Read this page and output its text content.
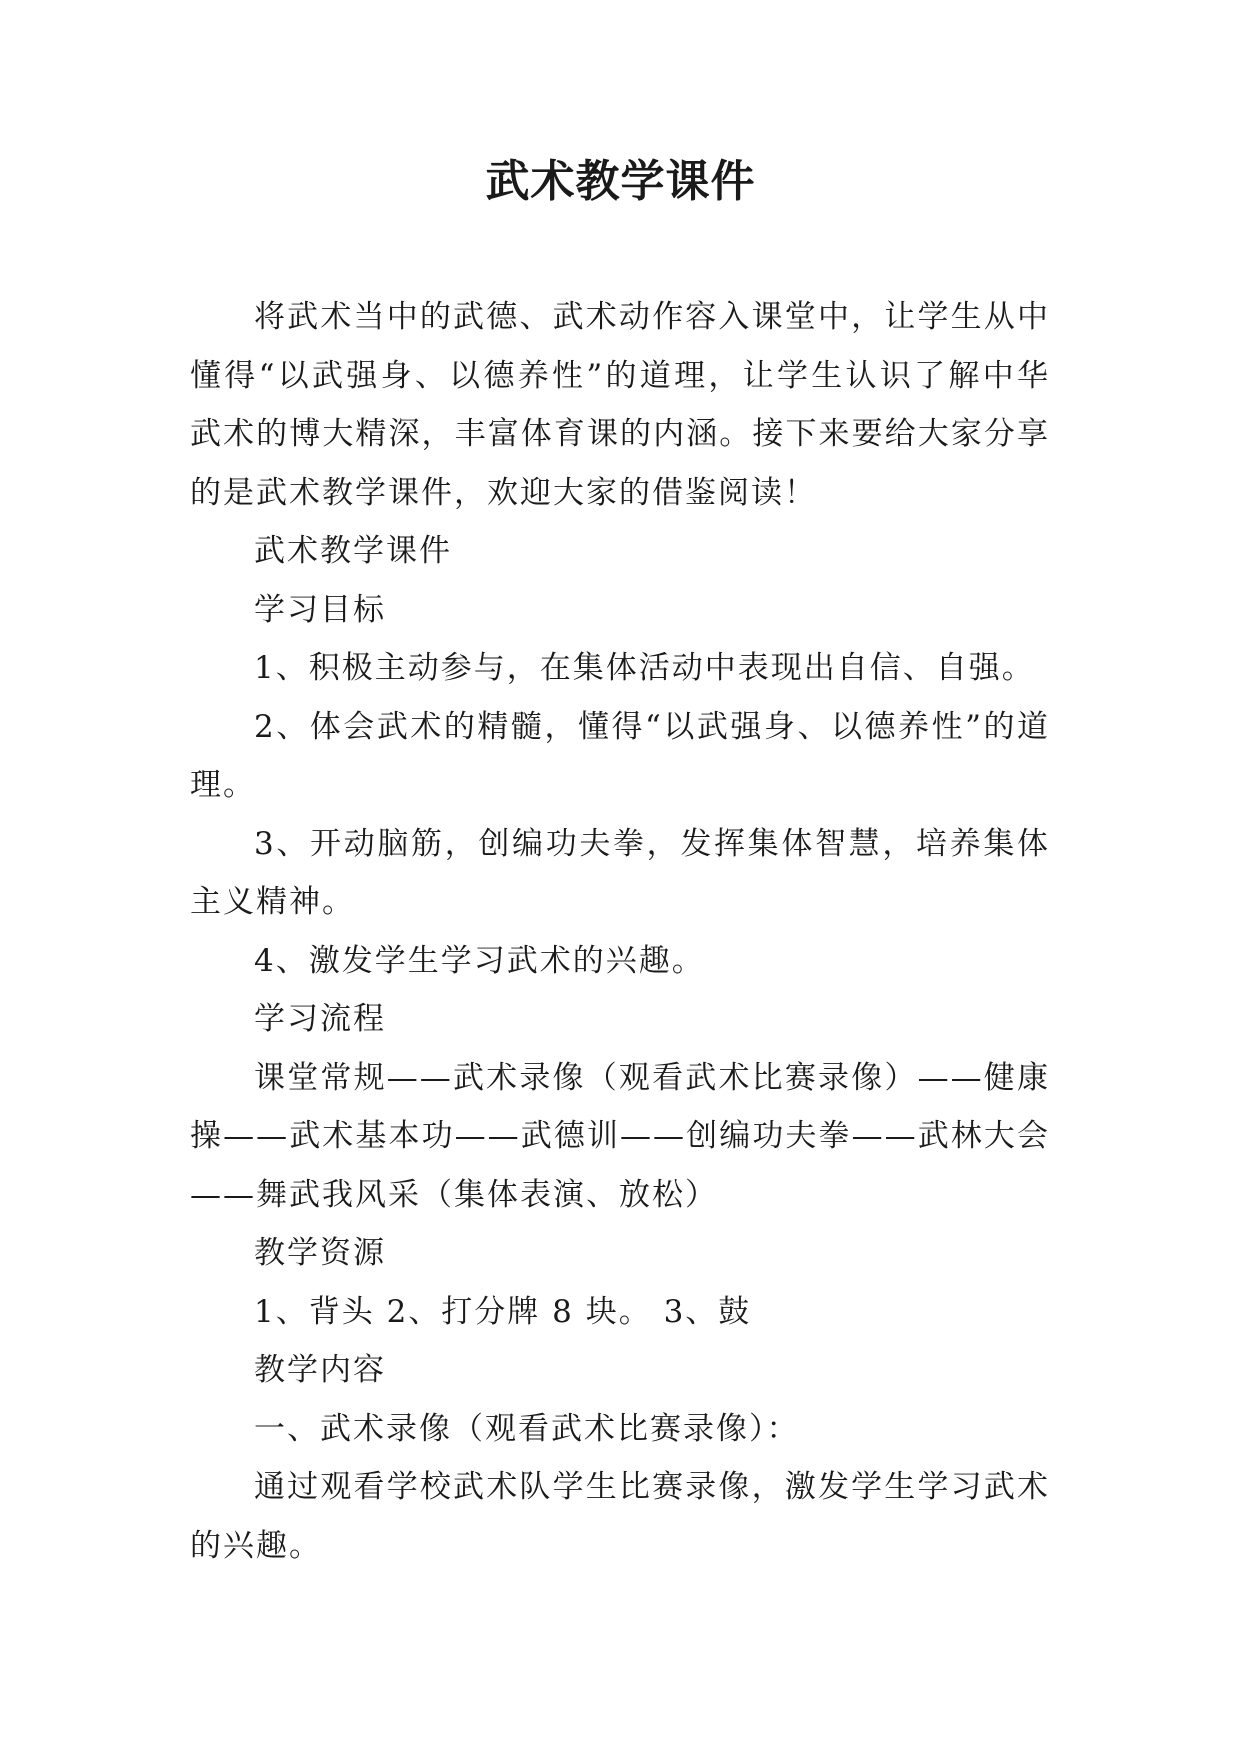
武术教学课件

将武术当中的武德、武术动作容入课堂中，让学生从中懂得“以武强身、以德养性”的道理，让学生认识了解中华武术的博大精深，丰富体育课的内涵。接下来要给大家分享的是武术教学课件，欢迎大家的借鉴阅读！

武术教学课件

学习目标

1、积极主动参与，在集体活动中表现出自信、自强。

2、体会武术的精髓，懂得“以武强身、以德养性”的道理。

3、开动脑筋，创编功夫拳，发挥集体智慧，培养集体主义精神。

4、激发学生学习武术的兴趣。

学习流程

课堂常规——武术录像（观看武术比赛录像）——健康操——武术基本功——武德训——创编功夫拳——武林大会——舞武我风采（集体表演、放松）

教学资源

1、背头 2、打分牌 8 块。 3、鼓

教学内容

一、武术录像（观看武术比赛录像）：

通过观看学校武术队学生比赛录像，激发学生学习武术的兴趣。
